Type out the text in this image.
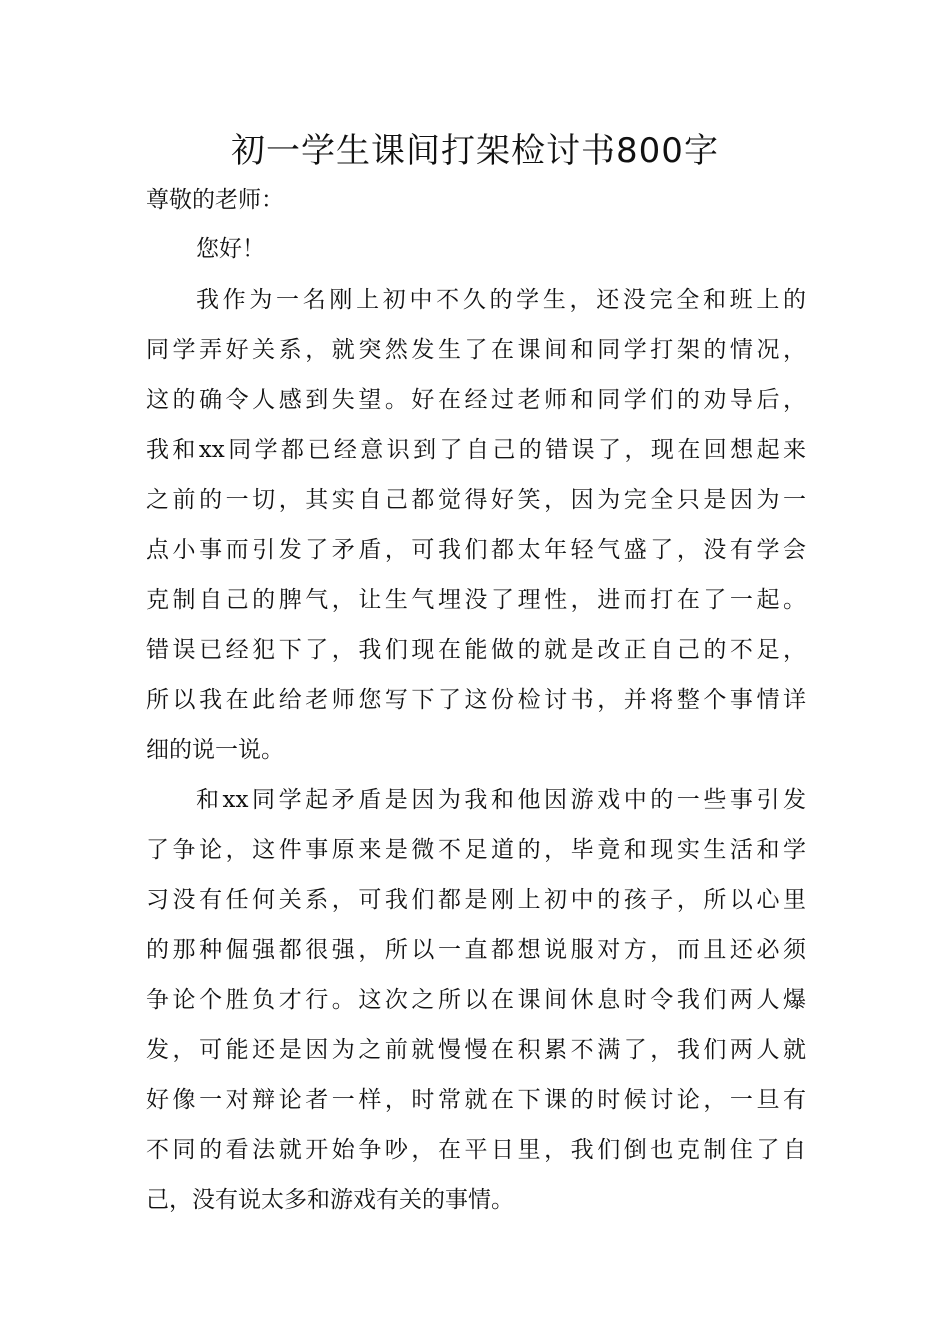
初一学生课间打架检讨书800字

尊敬的老师：

您好！

我作为一名刚上初中不久的学生，还没完全和班上的

同学弄好关系，就突然发生了在课间和同学打架的情况，

这的确令人感到失望。好在经过老师和同学们的劝导后，

我和xx同学都已经意识到了自己的错误了，现在回想起来

之前的一切，其实自己都觉得好笑，因为完全只是因为一

点小事而引发了矛盾，可我们都太年轻气盛了，没有学会

克制自己的脾气，让生气埋没了理性，进而打在了一起。

错误已经犯下了，我们现在能做的就是改正自己的不足，

所以我在此给老师您写下了这份检讨书，并将整个事情详

细的说一说。

和xx同学起矛盾是因为我和他因游戏中的一些事引发

了争论，这件事原来是微不足道的，毕竟和现实生活和学

习没有任何关系，可我们都是刚上初中的孩子，所以心里

的那种倔强都很强，所以一直都想说服对方，而且还必须

争论个胜负才行。这次之所以在课间休息时令我们两人爆

发，可能还是因为之前就慢慢在积累不满了，我们两人就

好像一对辩论者一样，时常就在下课的时候讨论，一旦有

不同的看法就开始争吵，在平日里，我们倒也克制住了自

己，没有说太多和游戏有关的事情。
